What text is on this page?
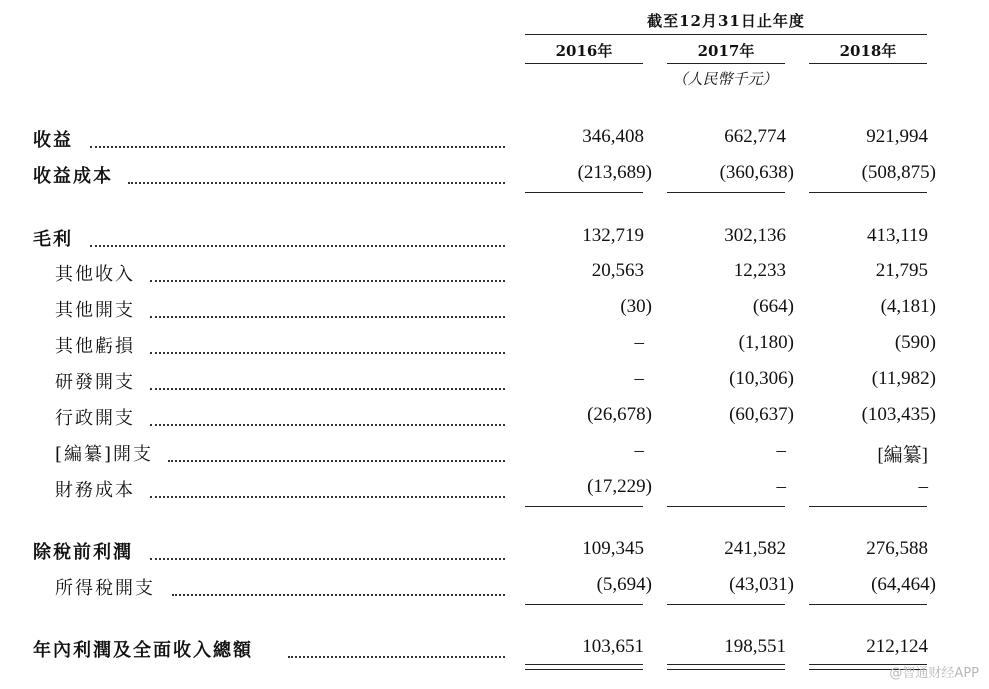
截至12月31日止年度
2016年	2017年	2018年
（人民幣千元）
收益	346,408	662,774	921,994
收益成本	(213,689)	(360,638)	(508,875)
毛利	132,719	302,136	413,119
其他收入	20,563	12,233	21,795
其他開支	(30)	(664)	(4,181)
其他虧損	–	(1,180)	(590)
研發開支	–	(10,306)	(11,982)
行政開支	(26,678)	(60,637)	(103,435)
[編纂]開支	–	–	[編纂]
財務成本	(17,229)	–	–
除稅前利潤	109,345	241,582	276,588
所得稅開支	(5,694)	(43,031)	(64,464)
年內利潤及全面收入總額	103,651	198,551	212,124
@智通财经APP
